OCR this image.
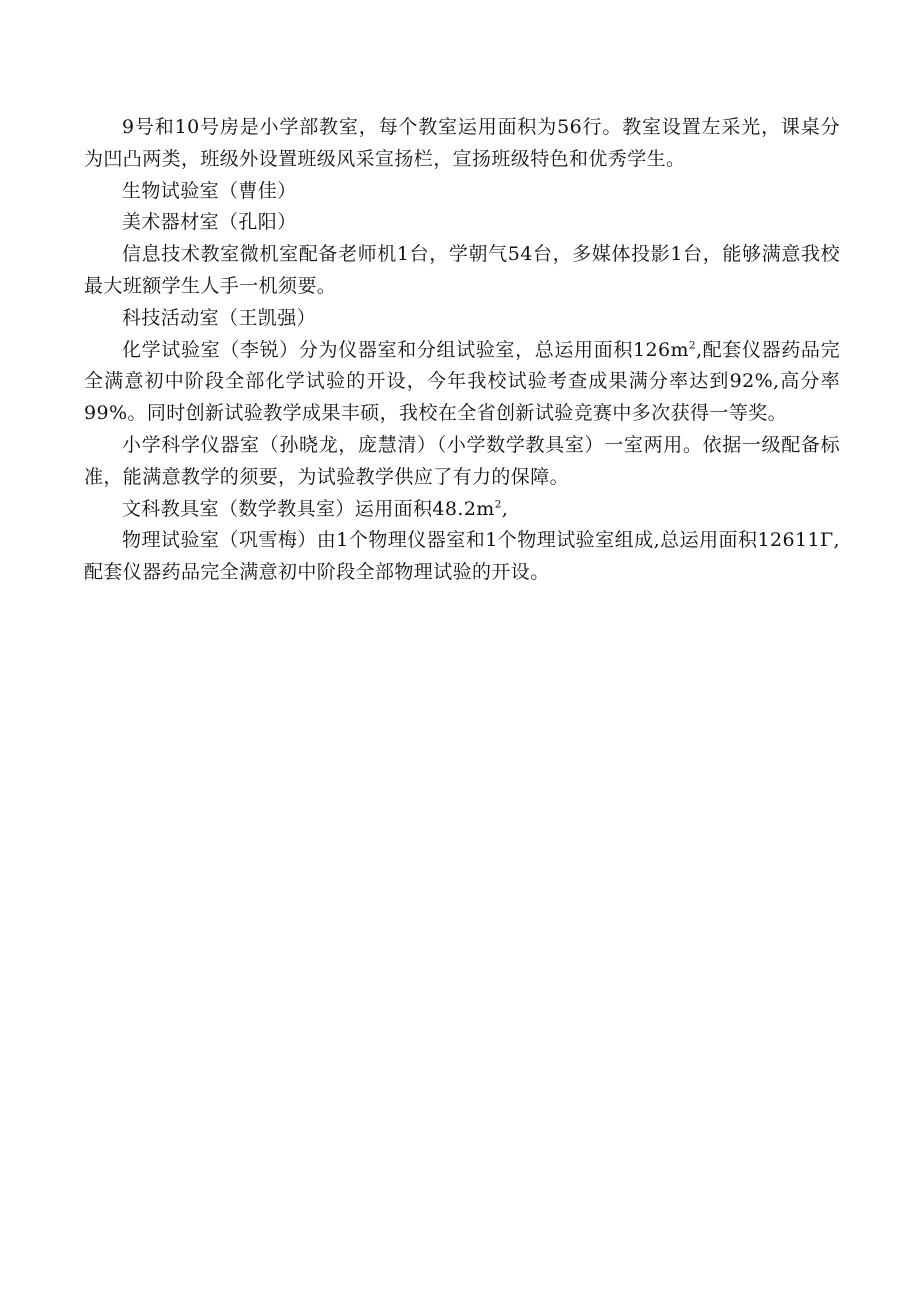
9号和10号房是小学部教室，每个教室运用面积为56行。教室设置左采光，课桌分为凹凸两类，班级外设置班级风采宣扬栏，宣扬班级特色和优秀学生。

生物试验室（曹佳）

美术器材室（孔阳）

信息技术教室微机室配备老师机1台，学朝气54台，多媒体投影1台，能够满意我校最大班额学生人手一机须要。

科技活动室（王凯强）

化学试验室（李锐）分为仪器室和分组试验室，总运用面积$126m^2$,配套仪器药品完全满意初中阶段全部化学试验的开设，今年我校试验考查成果满分率达到92%,高分率99%。同时创新试验教学成果丰硕，我校在全省创新试验竞赛中多次获得一等奖。

小学科学仪器室（孙晓龙，庞慧清）（小学数学教具室）一室两用。依据一级配备标准，能满意教学的须要，为试验教学供应了有力的保障。

文科教具室（数学教具室）运用面积$48.2m^2$,

物理试验室（巩雪梅）由1个物理仪器室和1个物理试验室组成,总运用面积12611Γ,配套仪器药品完全满意初中阶段全部物理试验的开设。
